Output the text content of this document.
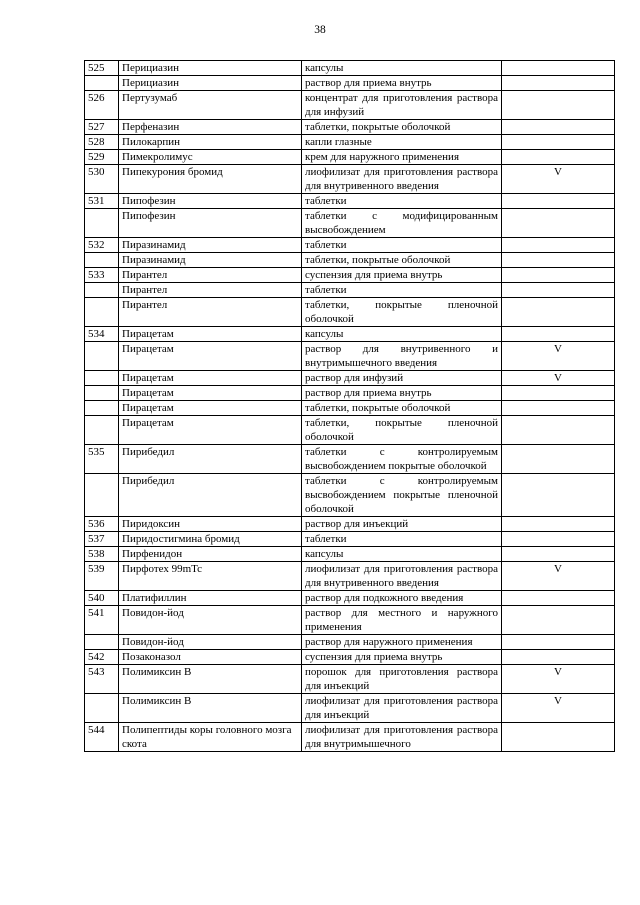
38
525	Перициазин	капсулы	
	Перициазин	раствор для приема внутрь	
526	Пертузумаб	концентрат для приготовления раствора для инфузий	
527	Перфеназин	таблетки, покрытые оболочкой	
528	Пилокарпин	капли глазные	
529	Пимекролимус	крем для наружного применения	
530	Пипекурония бромид	лиофилизат для приготовления раствора для внутривенного введения	V
531	Пипофезин	таблетки	
	Пипофезин	таблетки с модифицированным высвобождением	
532	Пиразинамид	таблетки	
	Пиразинамид	таблетки, покрытые оболочкой	
533	Пирантел	суспензия для приема внутрь	
	Пирантел	таблетки	
	Пирантел	таблетки, покрытые пленочной оболочкой	
534	Пирацетам	капсулы	
	Пирацетам	раствор для внутривенного и внутримышечного введения	V
	Пирацетам	раствор для инфузий	V
	Пирацетам	раствор для приема внутрь	
	Пирацетам	таблетки, покрытые оболочкой	
	Пирацетам	таблетки, покрытые пленочной оболочкой	
535	Пирибедил	таблетки с контролируемым высвобождением покрытые оболочкой	
	Пирибедил	таблетки с контролируемым высвобождением покрытые пленочной оболочкой	
536	Пиридоксин	раствор для инъекций	
537	Пиридостигмина бромид	таблетки	
538	Пирфенидон	капсулы	
539	Пирфотех 99mTc	лиофилизат для приготовления раствора для внутривенного введения	V
540	Платифиллин	раствор для подкожного введения	
541	Повидон-йод	раствор для местного и наружного применения	
	Повидон-йод	раствор для наружного применения	
542	Позаконазол	суспензия для приема внутрь	
543	Полимиксин В	порошок для приготовления раствора для инъекций	V
	Полимиксин В	лиофилизат для приготовления раствора для инъекций	V
544	Полипептиды коры головного мозга скота	лиофилизат для приготовления раствора для внутримышечного	
